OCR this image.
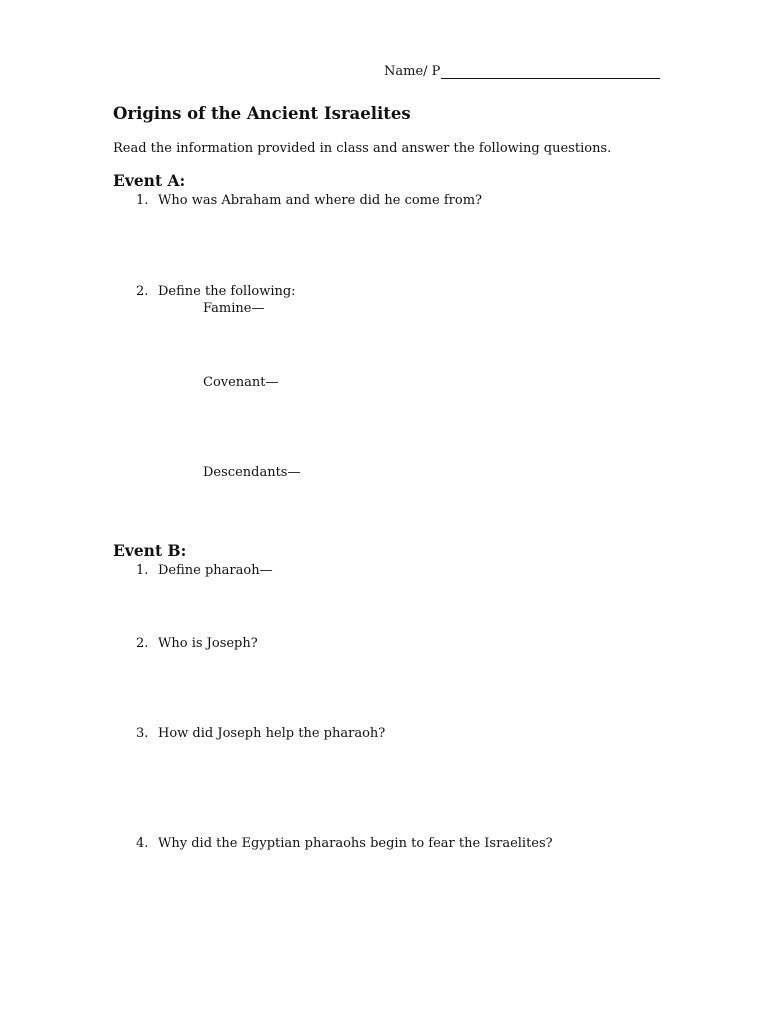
Name/ P
Origins of the Ancient Israelites
Read the information provided in class and answer the following questions.
Event A:
1. Who was Abraham and where did he come from?
2. Define the following:
Famine—
Covenant—
Descendants—
Event B:
1. Define pharaoh—
2. Who is Joseph?
3. How did Joseph help the pharaoh?
4. Why did the Egyptian pharaohs begin to fear the Israelites?
